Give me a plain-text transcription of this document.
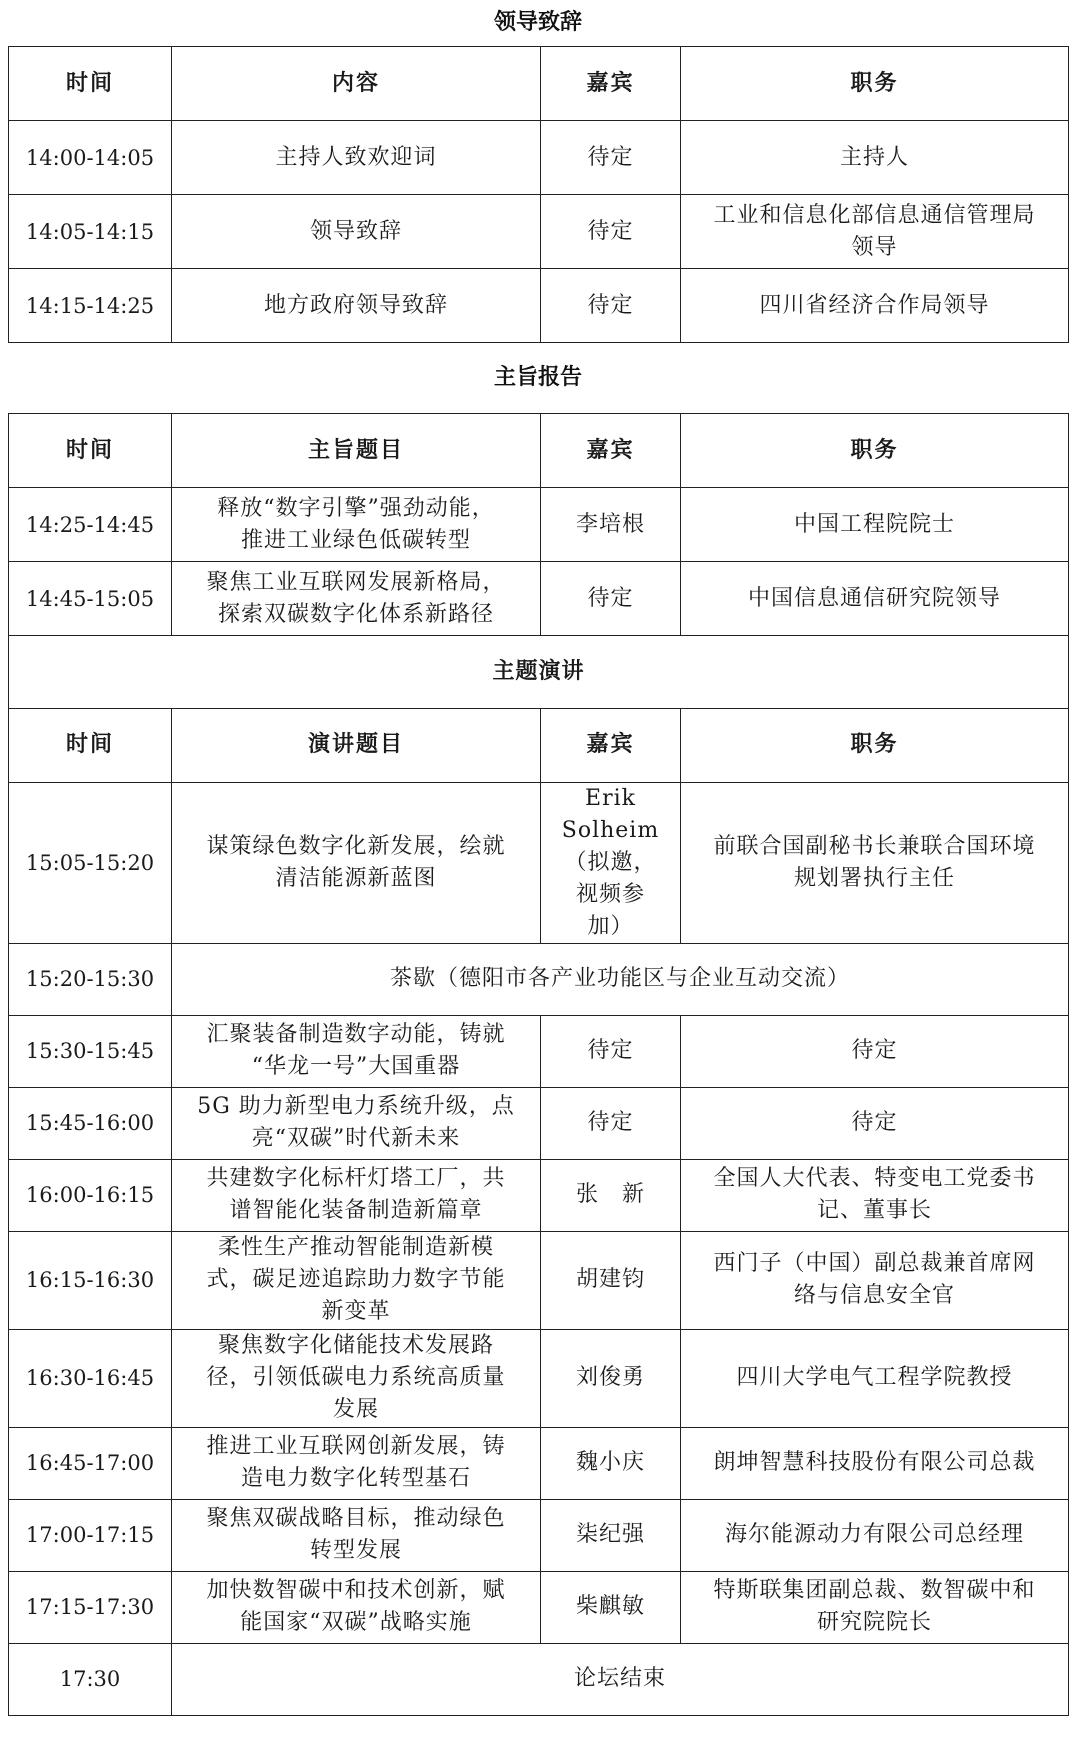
领导致辞
时间	内容	嘉宾	职务
14:00-14:05	主持人致欢迎词	待定	主持人
14:05-14:15	领导致辞	待定	工业和信息化部信息通信管理局
领导

14:15-14:25	地方政府领导致辞	待定	四川省经济合作局领导
主旨报告
时间	主旨题目	嘉宾	职务
14:25-14:45	释放“数字引擎”强劲动能，
推进工业绿色低碳转型	李培根	中国工程院院士
14:45-15:05	聚焦工业互联网发展新格局，
探索双碳数字化体系新路径	待定	中国信息通信研究院领导
主题演讲			
时间	演讲题目	嘉宾	职务
15:05-15:20	谋策绿色数字化新发展，绘就
清洁能源新蓝图	Erik
Solheim
（拟邀，
视频参
加）	前联合国副秘书长兼联合国环境
规划署执行主任

15:20-15:30	茶歇（德阳市各产业功能区与企业互动交流）		
15:30-15:45	汇聚装备制造数字动能，铸就
“华龙一号”大国重器	待定	待定
15:45-16:00	5G 助力新型电力系统升级，点
亮“双碳”时代新未来	待定	待定
16:00-16:15	共建数字化标杆灯塔工厂，共
谱智能化装备制造新篇章	张　新	全国人大代表、特变电工党委书
记、董事长

16:15-16:30	柔性生产推动智能制造新模
式，碳足迹追踪助力数字节能
新变革	胡建钧	西门子（中国）副总裁兼首席网
络与信息安全官

16:30-16:45	聚焦数字化储能技术发展路
径，引领低碳电力系统高质量
发展	刘俊勇	四川大学电气工程学院教授
16:45-17:00	推进工业互联网创新发展，铸
造电力数字化转型基石	魏小庆	朗坤智慧科技股份有限公司总裁
17:00-17:15	聚焦双碳战略目标，推动绿色
转型发展	柒纪强	海尔能源动力有限公司总经理
17:15-17:30	加快数智碳中和技术创新，赋
能国家“双碳”战略实施	柴麒敏	特斯联集团副总裁、数智碳中和
研究院院长

17:30	论坛结束		
